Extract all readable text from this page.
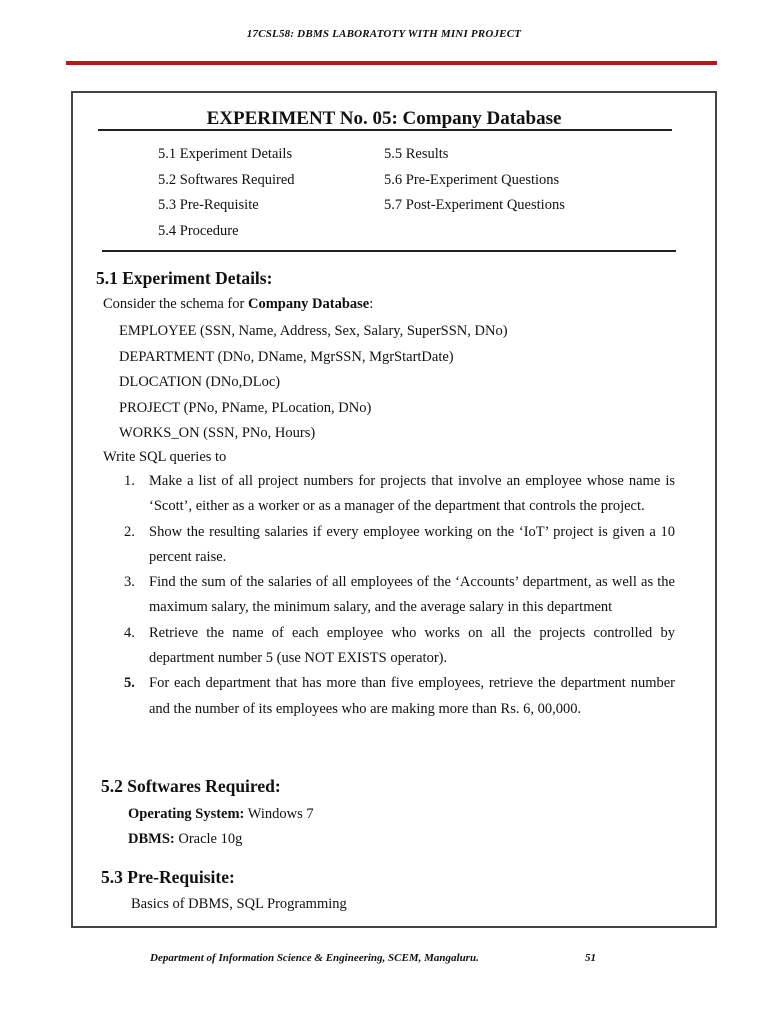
17CSL58: DBMS LABORATOTY WITH MINI PROJECT
EXPERIMENT No. 05: Company Database
5.1 Experiment Details
5.2 Softwares Required
5.3 Pre-Requisite
5.4 Procedure
5.5 Results
5.6 Pre-Experiment Questions
5.7 Post-Experiment Questions
5.1 Experiment Details:
Consider the schema for Company Database:
EMPLOYEE (SSN, Name, Address, Sex, Salary, SuperSSN, DNo)
DEPARTMENT (DNo, DName, MgrSSN, MgrStartDate)
DLOCATION (DNo,DLoc)
PROJECT (PNo, PName, PLocation, DNo)
WORKS_ON (SSN, PNo, Hours)
Write SQL queries to
1. Make a list of all project numbers for projects that involve an employee whose name is ‘Scott’, either as a worker or as a manager of the department that controls the project.
2. Show the resulting salaries if every employee working on the ‘IoT’ project is given a 10 percent raise.
3. Find the sum of the salaries of all employees of the ‘Accounts’ department, as well as the maximum salary, the minimum salary, and the average salary in this department
4. Retrieve the name of each employee who works on all the projects controlled by department number 5 (use NOT EXISTS operator).
5. For each department that has more than five employees, retrieve the department number and the number of its employees who are making more than Rs. 6, 00,000.
5.2 Softwares Required:
Operating System: Windows 7
DBMS: Oracle 10g
5.3 Pre-Requisite:
Basics of DBMS, SQL Programming
Department of Information Science & Engineering, SCEM, Mangaluru.	51
